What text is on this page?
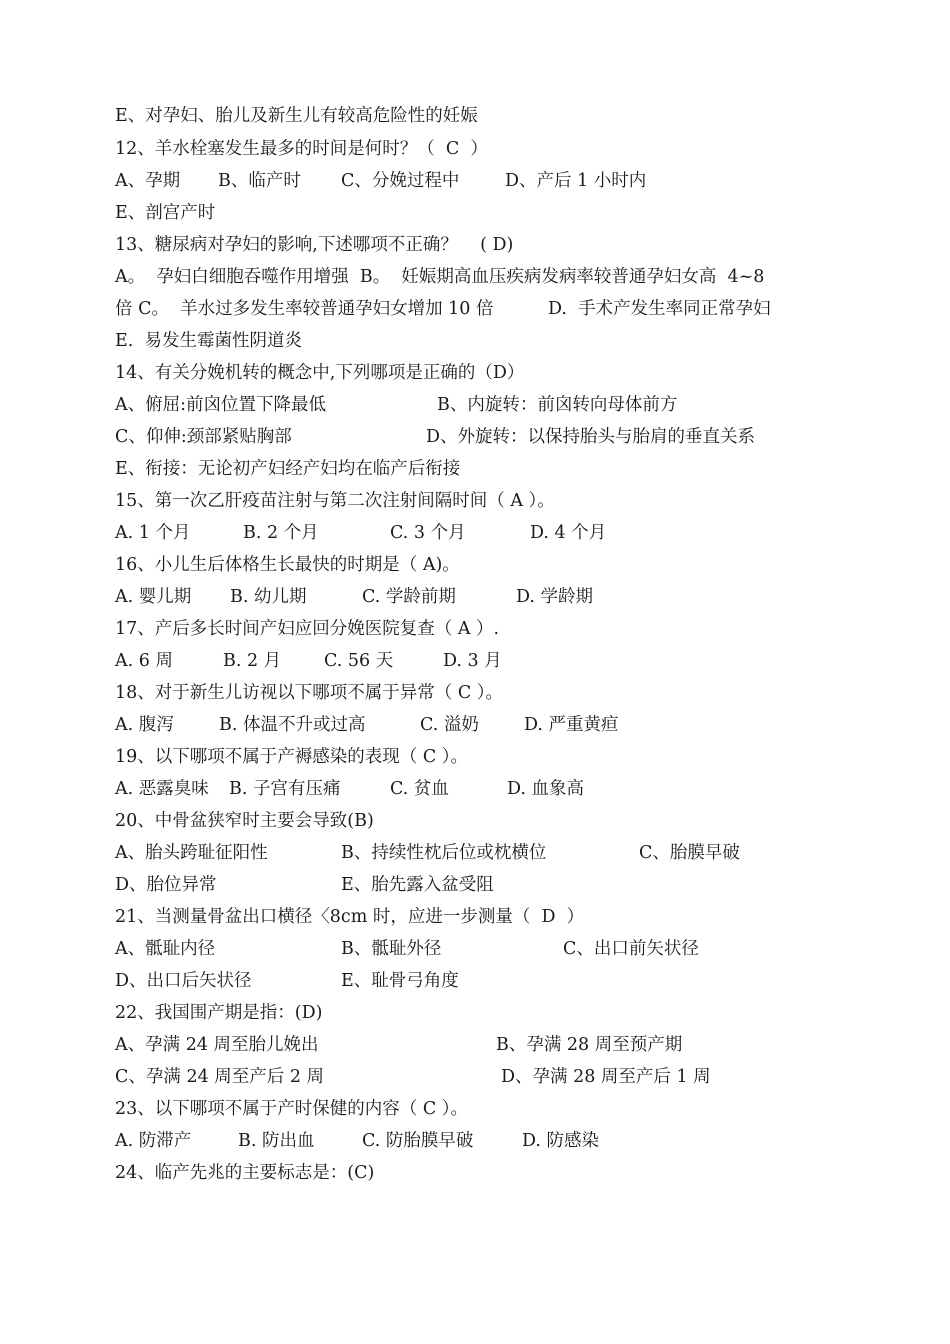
E、对孕妇、胎儿及新生儿有较高危险性的妊娠
12、羊水栓塞发生最多的时间是何时？（  C  ）
A、孕期 B、临产时 C、分娩过程中	D、产后 1 小时内
E、剖宫产时
13、糖尿病对孕妇的影响,下述哪项不正确？    ( D)
A。  孕妇白细胞吞噬作用增强  B。  妊娠期高血压疾病发病率较普通孕妇女高  4~8
倍 C。  羊水过多发生率较普通孕妇女增加 10 倍	D.  手术产发生率同正常孕妇
E.  易发生霉菌性阴道炎
14、有关分娩机转的概念中,下列哪项是正确的（D）
A、俯屈:前囟位置下降最低	B、内旋转：前囟转向母体前方
C、仰伸:颈部紧贴胸部	D、外旋转：以保持胎头与胎肩的垂直关系
E、衔接：无论初产妇经产妇均在临产后衔接
15、第一次乙肝疫苗注射与第二次注射间隔时间（ A ）。
A. 1 个月	B. 2 个月	C. 3 个月	D. 4 个月
16、小儿生后体格生长最快的时期是（ A)。
A. 婴儿期 B. 幼儿期	C. 学龄前期	D. 学龄期
17、产后多长时间产妇应回分娩医院复查（ A ）.
A. 6 周	B. 2 月 C. 56 天	D. 3 月
18、对于新生儿访视以下哪项不属于异常（ C ）。
A. 腹泻	B. 体温不升或过高	C. 溢奶	D. 严重黄疸
19、以下哪项不属于产褥感染的表现（ C ）。
A. 恶露臭味 B. 子宫有压痛	C. 贫血	D. 血象高
20、中骨盆狭窄时主要会导致(B)
A、胎头跨耻征阳性	B、持续性枕后位或枕横位	C、胎膜早破
D、胎位异常	E、胎先露入盆受阻
21、当测量骨盆出口横径〈8cm 时，应进一步测量（  D  ）
A、骶耻内径	B、骶耻外径	C、出口前矢状径
D、出口后矢状径	E、耻骨弓角度
22、我国围产期是指：(D)
A、孕满 24 周至胎儿娩出	B、孕满 28 周至预产期
C、孕满 24 周至产后 2 周	D、孕满 28 周至产后 1 周
23、以下哪项不属于产时保健的内容（ C ）。
A. 防滞产	B. 防出血	C. 防胎膜早破	D. 防感染
24、临产先兆的主要标志是：(C)
